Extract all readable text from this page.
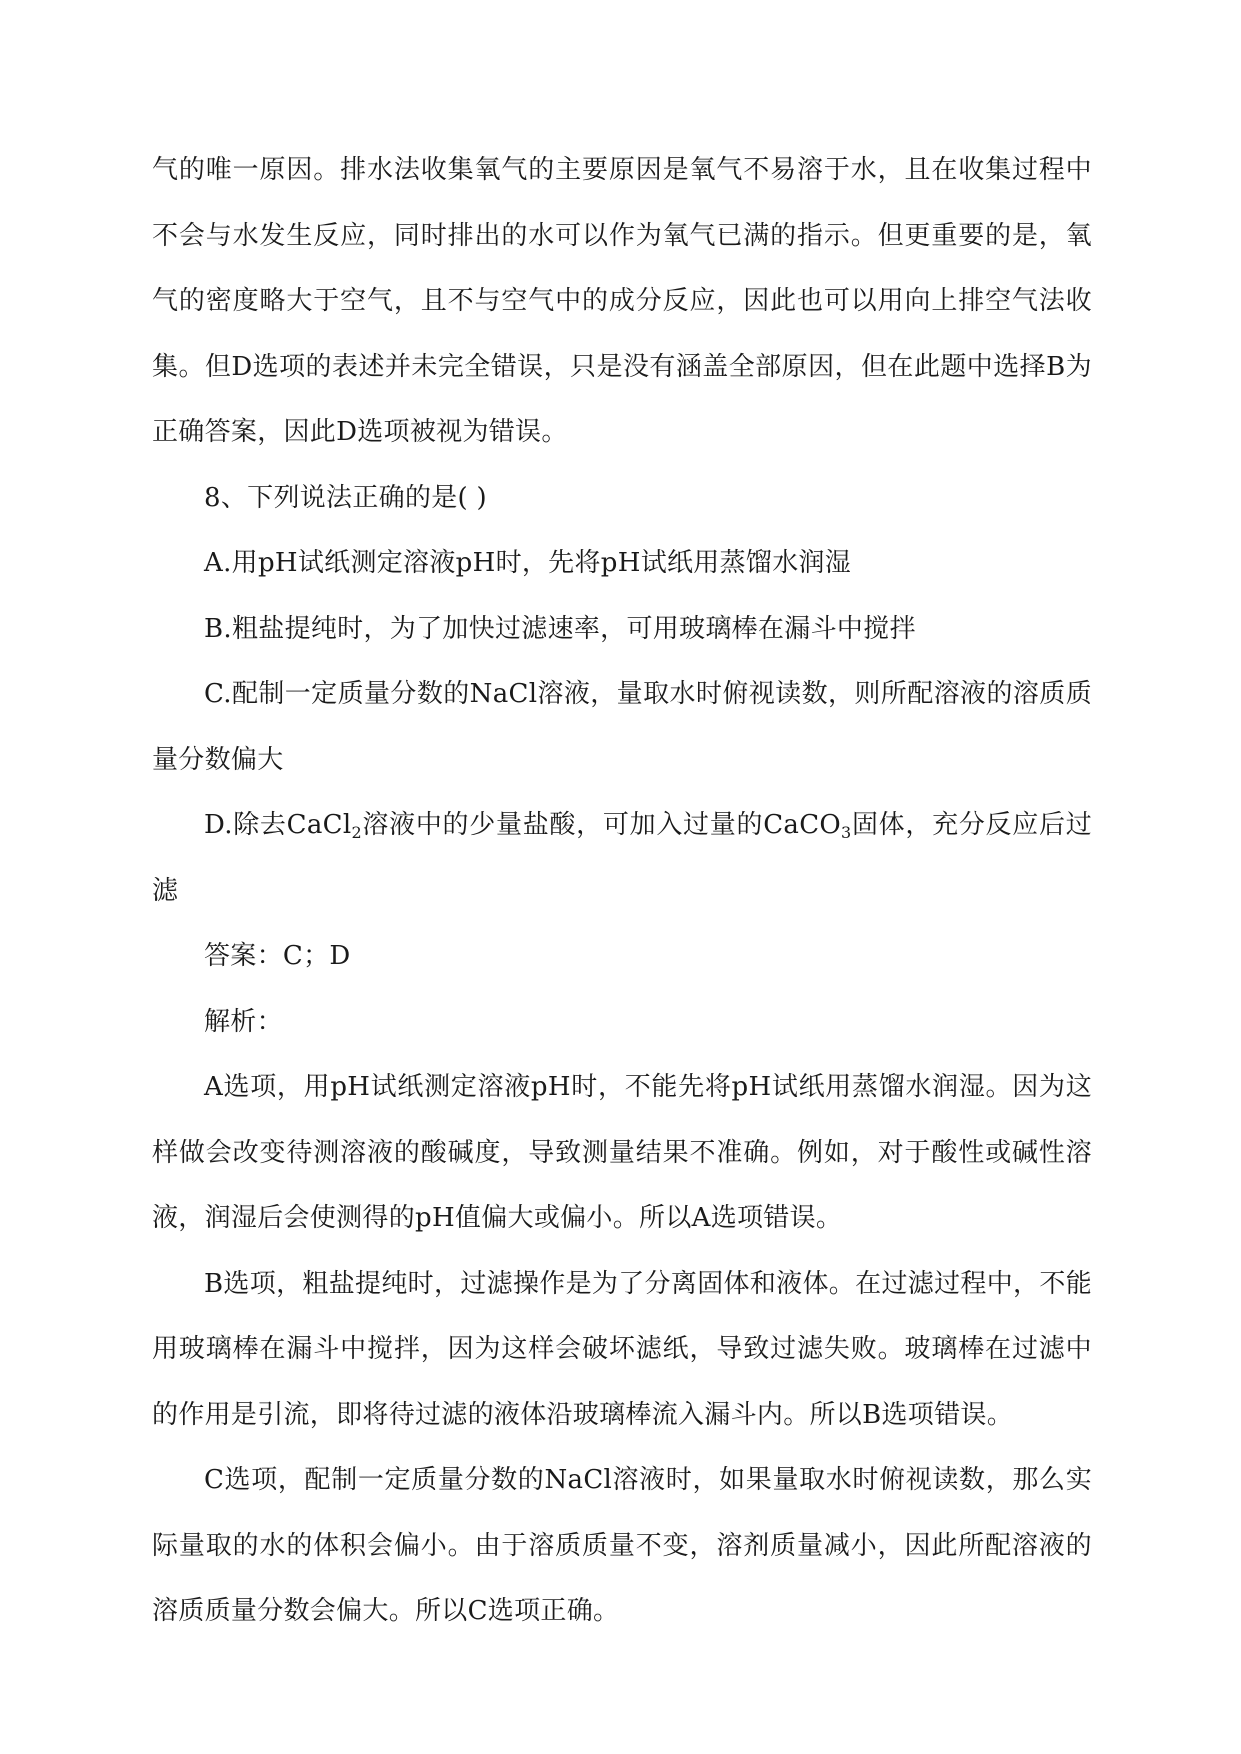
气的唯一原因。排水法收集氧气的主要原因是氧气不易溶于水，且在收集过程中不会与水发生反应，同时排出的水可以作为氧气已满的指示。但更重要的是，氧气的密度略大于空气，且不与空气中的成分反应，因此也可以用向上排空气法收集。但D选项的表述并未完全错误，只是没有涵盖全部原因，但在此题中选择B为正确答案，因此D选项被视为错误。

8、下列说法正确的是( )

A.用pH试纸测定溶液pH时，先将pH试纸用蒸馏水润湿

B.粗盐提纯时，为了加快过滤速率，可用玻璃棒在漏斗中搅拌

C.配制一定质量分数的NaCl溶液，量取水时俯视读数，则所配溶液的溶质质量分数偏大

D.除去CaCl$_2$溶液中的少量盐酸，可加入过量的CaCO$_3$固体，充分反应后过滤

答案：C；D

解析：

A选项，用pH试纸测定溶液pH时，不能先将pH试纸用蒸馏水润湿。因为这样做会改变待测溶液的酸碱度，导致测量结果不准确。例如，对于酸性或碱性溶液，润湿后会使测得的pH值偏大或偏小。所以A选项错误。

B选项，粗盐提纯时，过滤操作是为了分离固体和液体。在过滤过程中，不能用玻璃棒在漏斗中搅拌，因为这样会破坏滤纸，导致过滤失败。玻璃棒在过滤中的作用是引流，即将待过滤的液体沿玻璃棒流入漏斗内。所以B选项错误。

C选项，配制一定质量分数的NaCl溶液时，如果量取水时俯视读数，那么实际量取的水的体积会偏小。由于溶质质量不变，溶剂质量减小，因此所配溶液的溶质质量分数会偏大。所以C选项正确。
